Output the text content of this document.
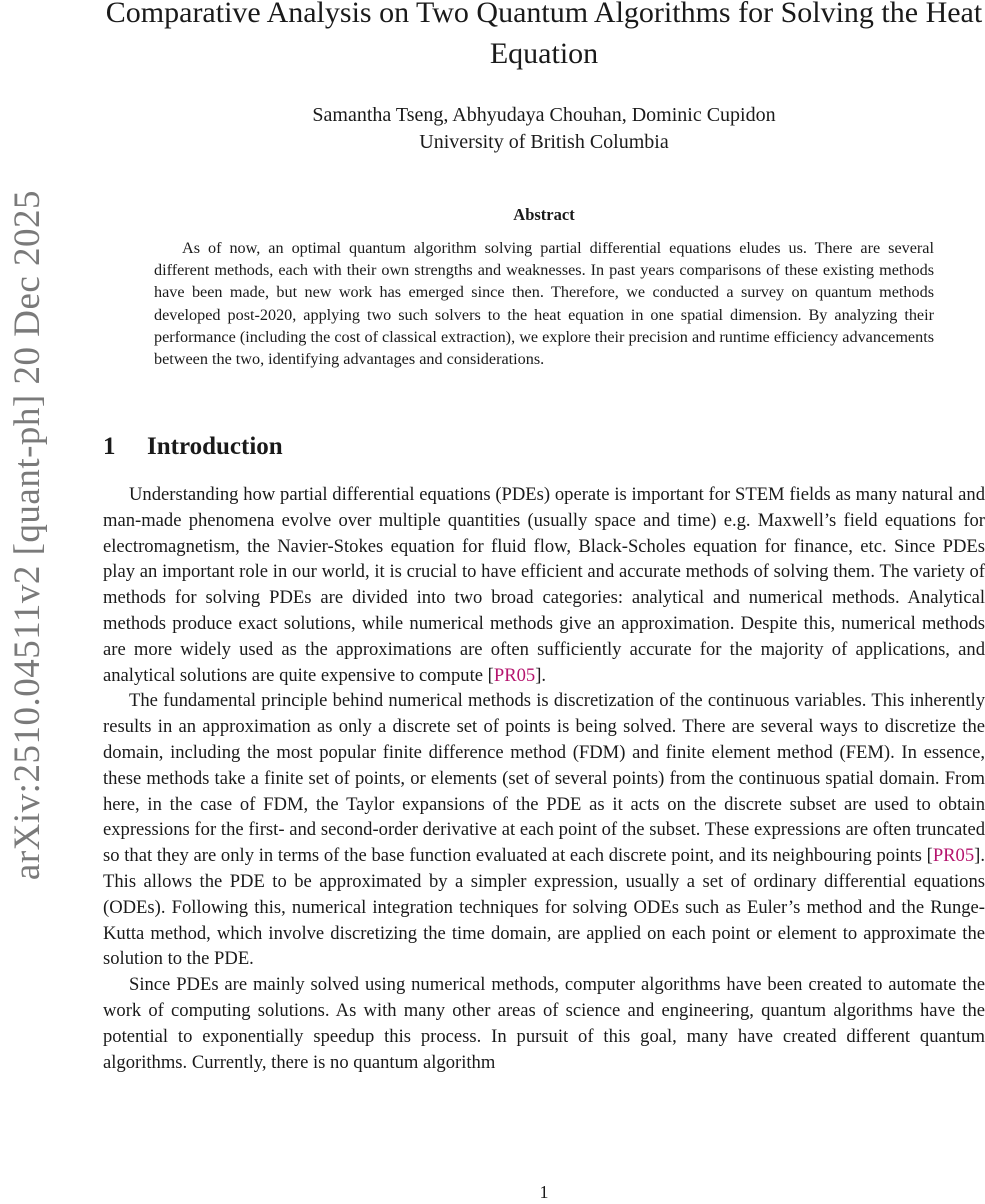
arXiv:2510.04511v2 [quant-ph] 20 Dec 2025
Comparative Analysis on Two Quantum Algorithms for Solving the Heat Equation
Samantha Tseng, Abhyudaya Chouhan, Dominic Cupidon
University of British Columbia
Abstract

As of now, an optimal quantum algorithm solving partial differential equations eludes us. There are several different methods, each with their own strengths and weaknesses. In past years comparisons of these existing methods have been made, but new work has emerged since then. Therefore, we conducted a survey on quantum methods developed post-2020, applying two such solvers to the heat equation in one spatial dimension. By analyzing their performance (including the cost of classical extraction), we explore their precision and runtime efficiency advancements between the two, identifying advantages and considerations.

1 Introduction

Understanding how partial differential equations (PDEs) operate is important for STEM fields as many natural and man-made phenomena evolve over multiple quantities (usually space and time) e.g. Maxwell’s field equations for electromagnetism, the Navier-Stokes equation for fluid flow, Black-Scholes equation for finance, etc. Since PDEs play an important role in our world, it is crucial to have efficient and accurate methods of solving them. The variety of methods for solving PDEs are divided into two broad categories: analytical and numerical methods. Analytical methods produce exact solutions, while numerical methods give an approximation. Despite this, numerical methods are more widely used as the approximations are often sufficiently accurate for the majority of applications, and analytical solutions are quite expensive to compute [PR05].

The fundamental principle behind numerical methods is discretization of the continuous variables. This inherently results in an approximation as only a discrete set of points is being solved. There are several ways to discretize the domain, including the most popular finite difference method (FDM) and finite element method (FEM). In essence, these methods take a finite set of points, or elements (set of several points) from the continuous spatial domain. From here, in the case of FDM, the Taylor expansions of the PDE as it acts on the discrete subset are used to obtain expressions for the first- and second-order derivative at each point of the subset. These expressions are often truncated so that they are only in terms of the base function evaluated at each discrete point, and its neighbouring points [PR05]. This allows the PDE to be approximated by a simpler expression, usually a set of ordinary differential equations (ODEs). Following this, numerical integration techniques for solving ODEs such as Euler’s method and the Runge-Kutta method, which involve discretizing the time domain, are applied on each point or element to approximate the solution to the PDE.

Since PDEs are mainly solved using numerical methods, computer algorithms have been created to automate the work of computing solutions. As with many other areas of science and engineering, quantum algorithms have the potential to exponentially speedup this process. In pursuit of this goal, many have created different quantum algorithms. Currently, there is no quantum algorithm

1
